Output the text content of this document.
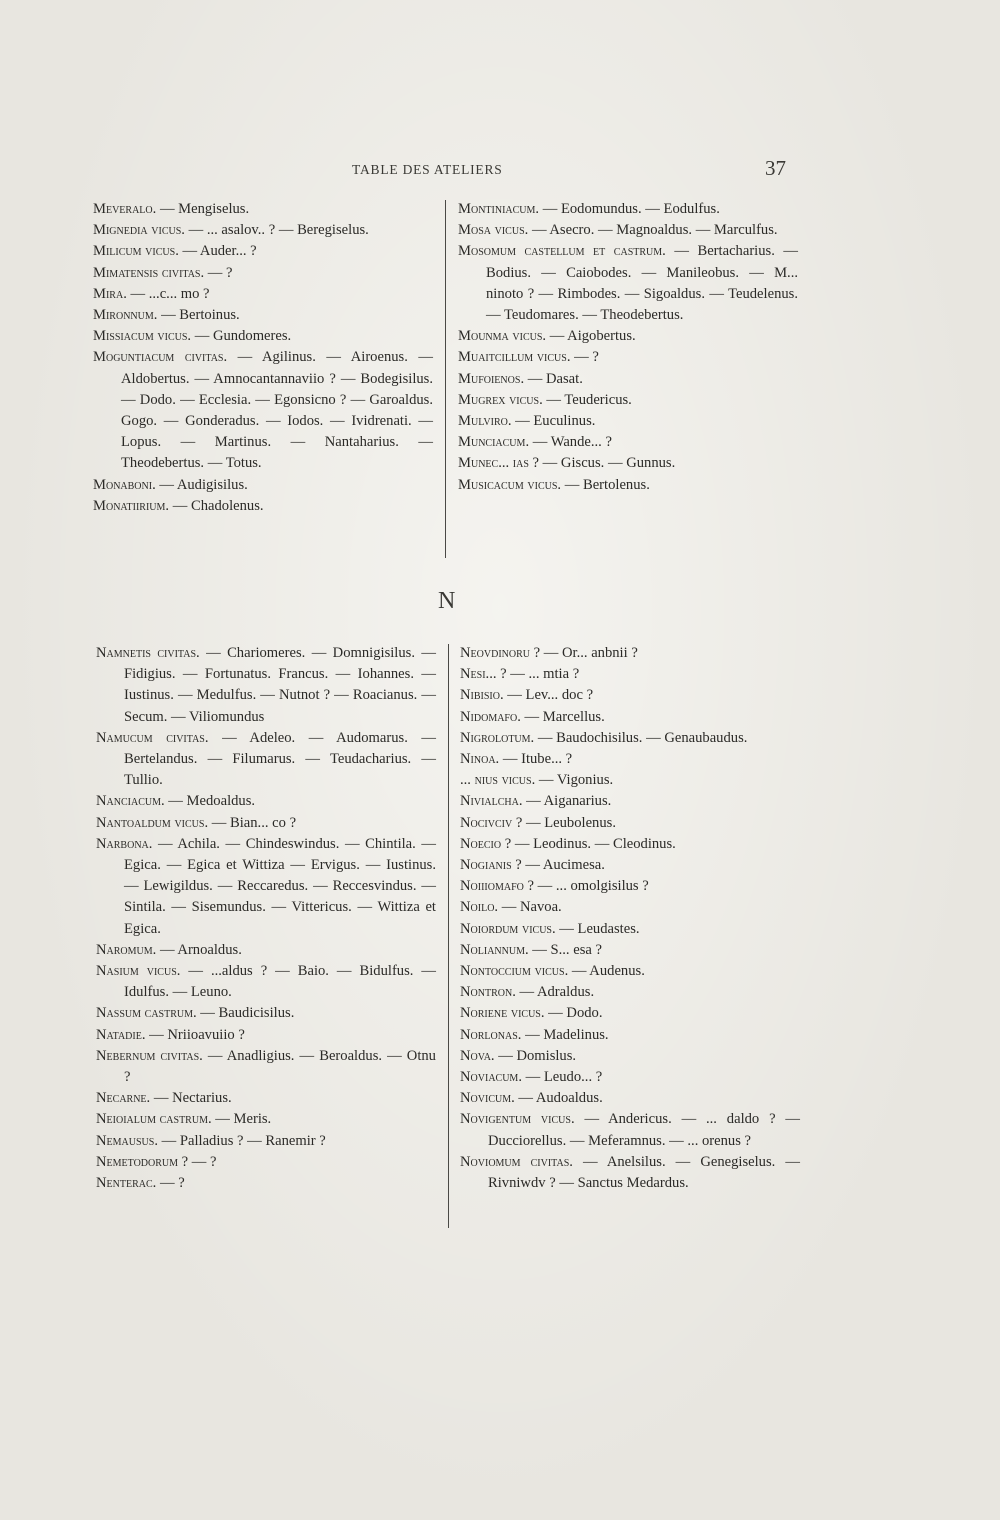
TABLE DES ATELIERS	37
Meveralo. — Mengiselus.
Mignedia vicus. — ... asalov.. ? — Beregiselus.
Milicum vicus. — Auder... ?
Mimatensis civitas. — ?
Mira. — ...c... mo ?
Mironnum. — Bertoinus.
Missiacum vicus. — Gundomeres.
Moguntiacum civitas. — Agilinus. — Airoenus. — Aldobertus. — Amnocantannaviio ? — Bodegisilus. — Dodo. — Ecclesia. — Egonsicno ? — Garoaldus. Gogo. — Gonderadus. — Iodos. — Ividrenati. — Lopus. — Martinus. — Nantaharius. — Theodebertus. — Totus.
Monaboni. — Audigisilus.
Monatiirium. — Chadolenus.
Montiniacum. — Eodomundus. — Eodulfus.
Mosa vicus. — Asecro. — Magnoaldus. — Marculfus.
Mosomum castellum et castrum. — Bertacharius. — Bodius. — Caiobodes. — Manileobus. — M... ninoto ? — Rimbodes. — Sigoaldus. — Teudelenus. — Teudomares. — Theodebertus.
Mounma vicus. — Aigobertus.
Muaitcillum vicus. — ?
Mufoienos. — Dasat.
Mugrex vicus. — Teudericus.
Mulviro. — Euculinus.
Munciacum. — Wande... ?
Munec... ias ? — Giscus. — Gunnus.
Musicacum vicus. — Bertolenus.
N
Namnetis civitas. — Chariomeres. — Domnigisilus. — Fidigius. — Fortunatus. Francus. — Iohannes. — Iustinus. — Medulfus. — Nutnot ? — Roacianus. — Secum. — Viliomundus
Namucum civitas. — Adeleo. — Audomarus. — Bertelandus. — Filumarus. — Teudacharius. — Tullio.
Nanciacum. — Medoaldus.
Nantoaldum vicus. — Bian... co ?
Narbona. — Achila. — Chindeswindus. — Chintila. — Egica. — Egica et Wittiza — Ervigus. — Iustinus. — Lewigildus. — Reccaredus. — Reccesvindus. — Sintila. — Sisemundus. — Vittericus. — Wittiza et Egica.
Naromum. — Arnoaldus.
Nasium vicus. — ...aldus ? — Baio. — Bidulfus. — Idulfus. — Leuno.
Nassum castrum. — Baudicisilus.
Natadie. — Nriioavuiio ?
Nebernum civitas. — Anadligius. — Beroaldus. — Otnu ?
Necarne. — Nectarius.
Neioialum castrum. — Meris.
Nemausus. — Palladius ? — Ranemir ?
Nemetodorum ? — ?
Nenterac. — ?
Neovdinoru ? — Or... anbnii ?
Nesi... ? — ... mtia ?
Nibisio. — Lev... doc ?
Nidomafo. — Marcellus.
Nigrolotum. — Baudochisilus. — Genaubaudus.
Ninoa. — Itube... ?
... nius vicus. — Vigonius.
Nivialcha. — Aiganarius.
Nocivciv ? — Leubolenus.
Noecio ? — Leodinus. — Cleodinus.
Nogianis ? — Aucimesa.
Noiiiomafo ? — ... omolgisilus ?
Noilo. — Navoa.
Noiordum vicus. — Leudastes.
Noliannum. — S... esa ?
Nontoccium vicus. — Audenus.
Nontron. — Adraldus.
Noriene vicus. — Dodo.
Norlonas. — Madelinus.
Nova. — Domislus.
Noviacum. — Leudo... ?
Novicum. — Audoaldus.
Novigentum vicus. — Andericus. — ... daldo ? — Ducciorellus. — Meferamnus. — ... orenus ?
Noviomum civitas. — Anelsilus. — Genegiselus. — Rivniwdv ? — Sanctus Medardus.
